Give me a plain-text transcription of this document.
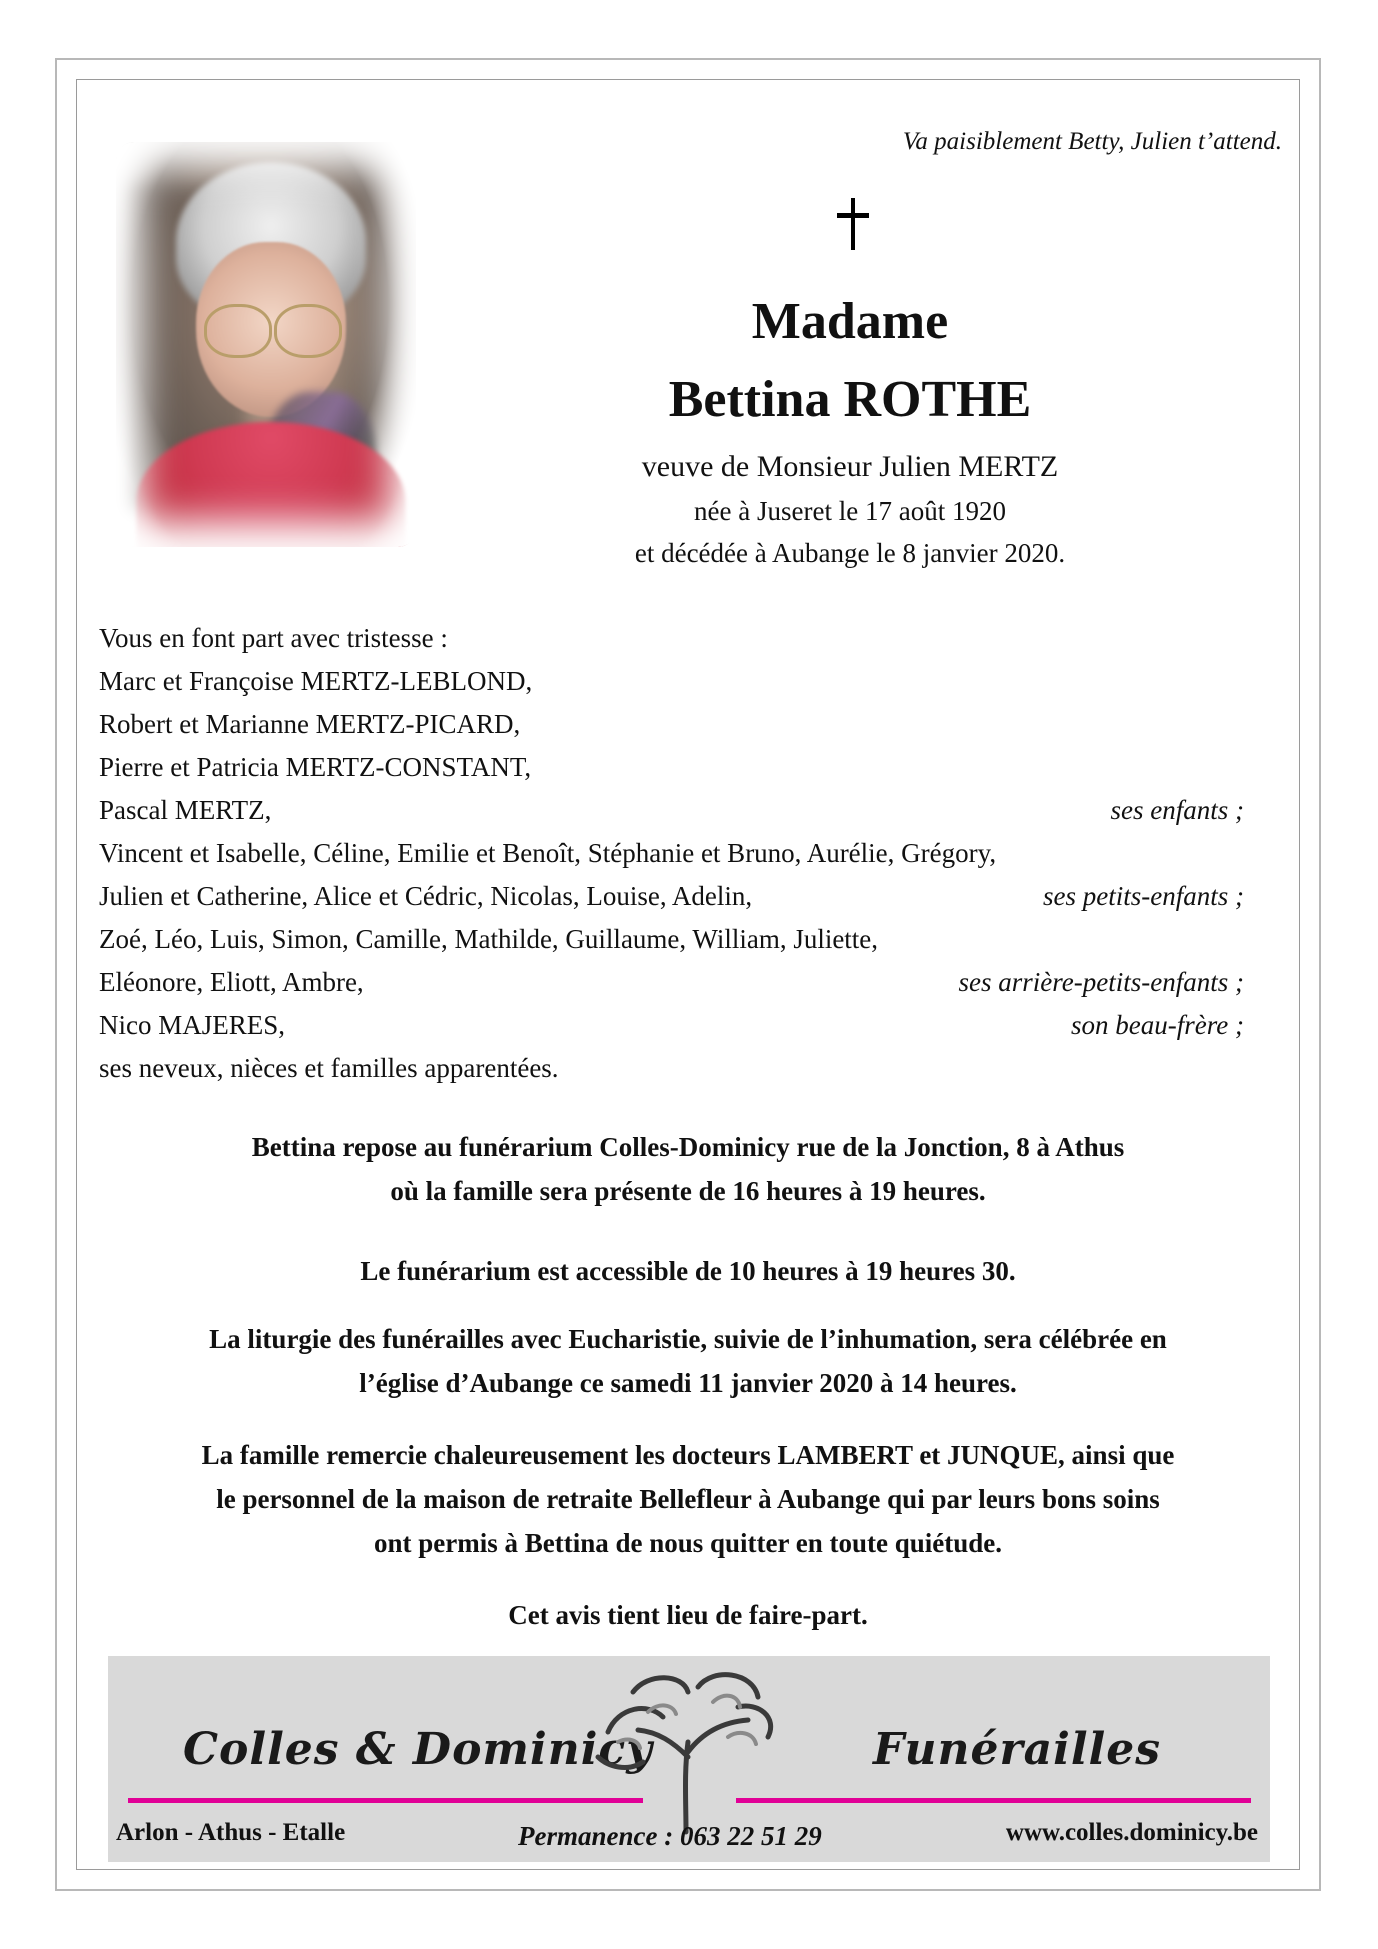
Va paisiblement Betty, Julien t’attend.
Madame
Bettina ROTHE
veuve de Monsieur Julien MERTZ
née à Juseret le 17 août 1920
et décédée à Aubange le 8 janvier 2020.
Vous en font part avec tristesse :
Marc et Françoise MERTZ-LEBLOND,
Robert et Marianne MERTZ-PICARD,
Pierre et Patricia MERTZ-CONSTANT,
Pascal MERTZ,	ses enfants ;
Vincent et Isabelle, Céline, Emilie et Benoît, Stéphanie et Bruno, Aurélie, Grégory,
Julien et Catherine, Alice et Cédric, Nicolas, Louise, Adelin,	ses petits-enfants ;
Zoé, Léo, Luis, Simon, Camille, Mathilde, Guillaume, William, Juliette,
Eléonore, Eliott, Ambre,	ses arrière-petits-enfants ;
Nico MAJERES,	son beau-frère ;
ses neveux, nièces et familles apparentées.
Bettina repose au funérarium Colles-Dominicy rue de la Jonction, 8 à Athus
où la famille sera présente de 16 heures à 19 heures.
Le funérarium est accessible de 10 heures à 19 heures 30.
La liturgie des funérailles avec Eucharistie, suivie de l’inhumation, sera célébrée en
l’église d’Aubange ce samedi 11 janvier 2020 à 14 heures.
La famille remercie chaleureusement les docteurs LAMBERT et JUNQUE, ainsi que
le personnel de la maison de retraite Bellefleur à Aubange qui par leurs bons soins
ont permis à Bettina de nous quitter en toute quiétude.
Cet avis tient lieu de faire-part.
Colles & Dominicy	Funérailles
Arlon - Athus - Etalle	Permanence : 063 22 51 29	www.colles.dominicy.be
